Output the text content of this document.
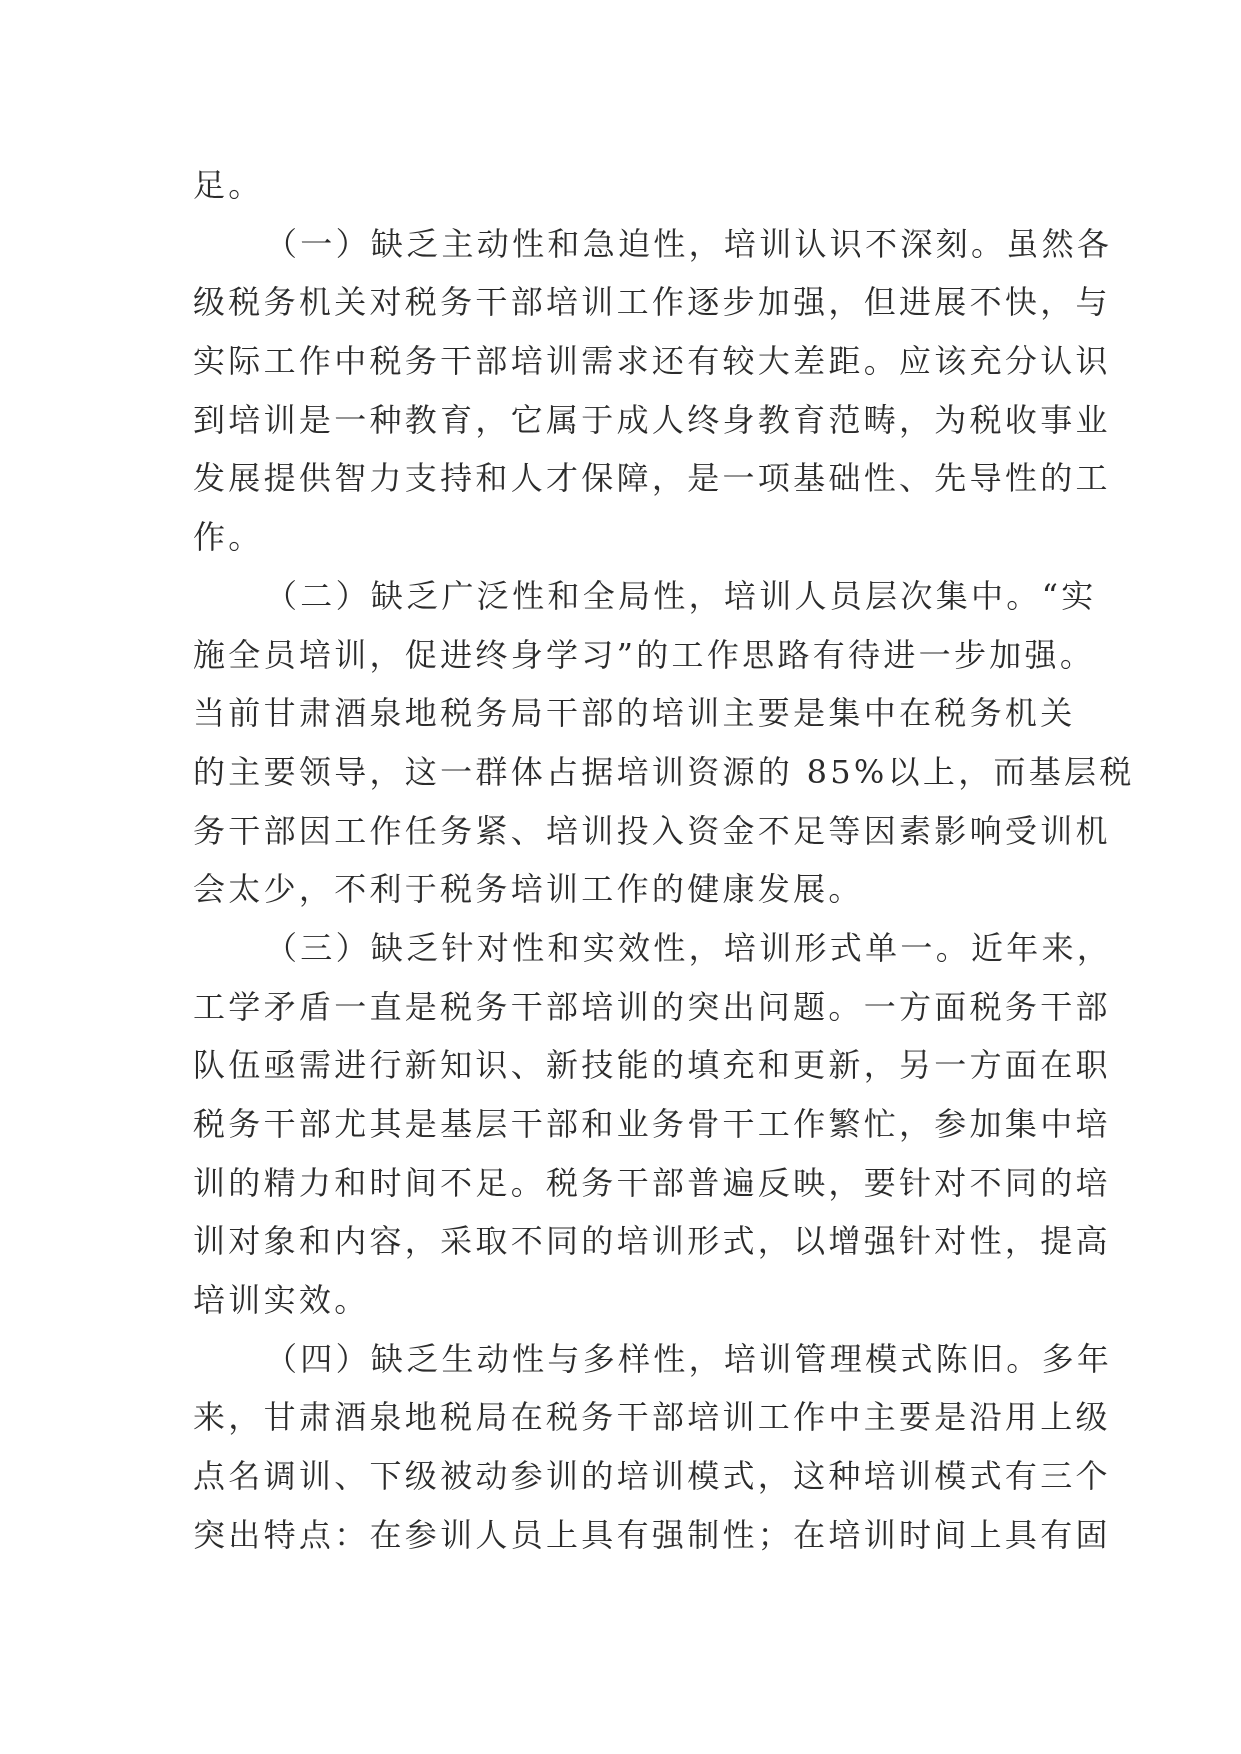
足。
（一）缺乏主动性和急迫性，培训认识不深刻。虽然各
级税务机关对税务干部培训工作逐步加强，但进展不快，与
实际工作中税务干部培训需求还有较大差距。应该充分认识
到培训是一种教育，它属于成人终身教育范畴，为税收事业
发展提供智力支持和人才保障，是一项基础性、先导性的工
作。
（二）缺乏广泛性和全局性，培训人员层次集中。“实
施全员培训，促进终身学习”的工作思路有待进一步加强。
当前甘肃酒泉地税务局干部的培训主要是集中在税务机关
的主要领导，这一群体占据培训资源的 85%以上，而基层税
务干部因工作任务紧、培训投入资金不足等因素影响受训机
会太少，不利于税务培训工作的健康发展。
（三）缺乏针对性和实效性，培训形式单一。近年来，
工学矛盾一直是税务干部培训的突出问题。一方面税务干部
队伍亟需进行新知识、新技能的填充和更新，另一方面在职
税务干部尤其是基层干部和业务骨干工作繁忙，参加集中培
训的精力和时间不足。税务干部普遍反映，要针对不同的培
训对象和内容，采取不同的培训形式，以增强针对性，提高
培训实效。
（四）缺乏生动性与多样性，培训管理模式陈旧。多年
来，甘肃酒泉地税局在税务干部培训工作中主要是沿用上级
点名调训、下级被动参训的培训模式，这种培训模式有三个
突出特点：在参训人员上具有强制性；在培训时间上具有固
